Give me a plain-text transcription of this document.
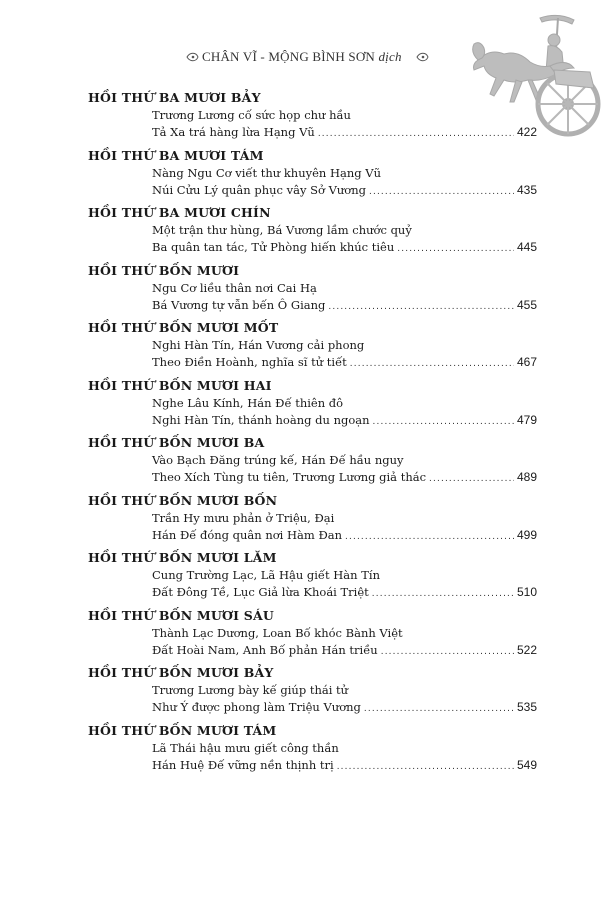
CHÂN VĨ - MỘNG BÌNH SƠN dịch
HỒI THỨ BA MƯƠI BẢY
Trương Lương cố sức họp chư hầu
Tả Xa trá hàng lừa Hạng Vũ .....	422
HỒI THỨ BA MƯƠI TÁM
Nàng Ngu Cơ viết thư khuyên Hạng Vũ
Núi Cửu Lý quân phục vây Sở Vương .....	435
HỒI THỨ BA MƯƠI CHÍN
Một trận thư hùng, Bá Vương lầm chước quỷ
Ba quân tan tác, Tử Phòng hiến khúc tiêu .....	445
HỒI THỨ BỐN MƯƠI
Ngu Cơ liều thân nơi Cai Hạ
Bá Vương tự vẫn bến Ô Giang .....	455
HỒI THỨ BỐN MƯƠI MỐT
Nghi Hàn Tín, Hán Vương cải phong
Theo Điền Hoành, nghĩa sĩ tử tiết .....	467
HỒI THỨ BỐN MƯƠI HAI
Nghe Lâu Kính, Hán Đế thiên đô
Nghi Hàn Tín, thánh hoàng du ngoạn .....	479
HỒI THỨ BỐN MƯƠI BA
Vào Bạch Đăng trúng kế, Hán Đế hầu nguy
Theo Xích Tùng tu tiên, Trương Lương giả thác .....	489
HỒI THỨ BỐN MƯƠI BỐN
Trần Hy mưu phản ở Triệu, Đại
Hán Đế đóng quân nơi Hàm Đan .....	499
HỒI THỨ BỐN MƯƠI LĂM
Cung Trường Lạc, Lã Hậu giết Hàn Tín
Đất Đông Tề, Lục Giả lừa Khoái Triệt .....	510
HỒI THỨ BỐN MƯƠI SÁU
Thành Lạc Dương, Loan Bố khóc Bành Việt
Đất Hoài Nam, Anh Bố phản Hán triều .....	522
HỒI THỨ BỐN MƯƠI BẢY
Trương Lương bày kế giúp thái tử
Như Ý được phong làm Triệu Vương .....	535
HỒI THỨ BỐN MƯƠI TÁM
Lã Thái hậu mưu giết công thần
Hán Huệ Đế vững nền thịnh trị .....	549
